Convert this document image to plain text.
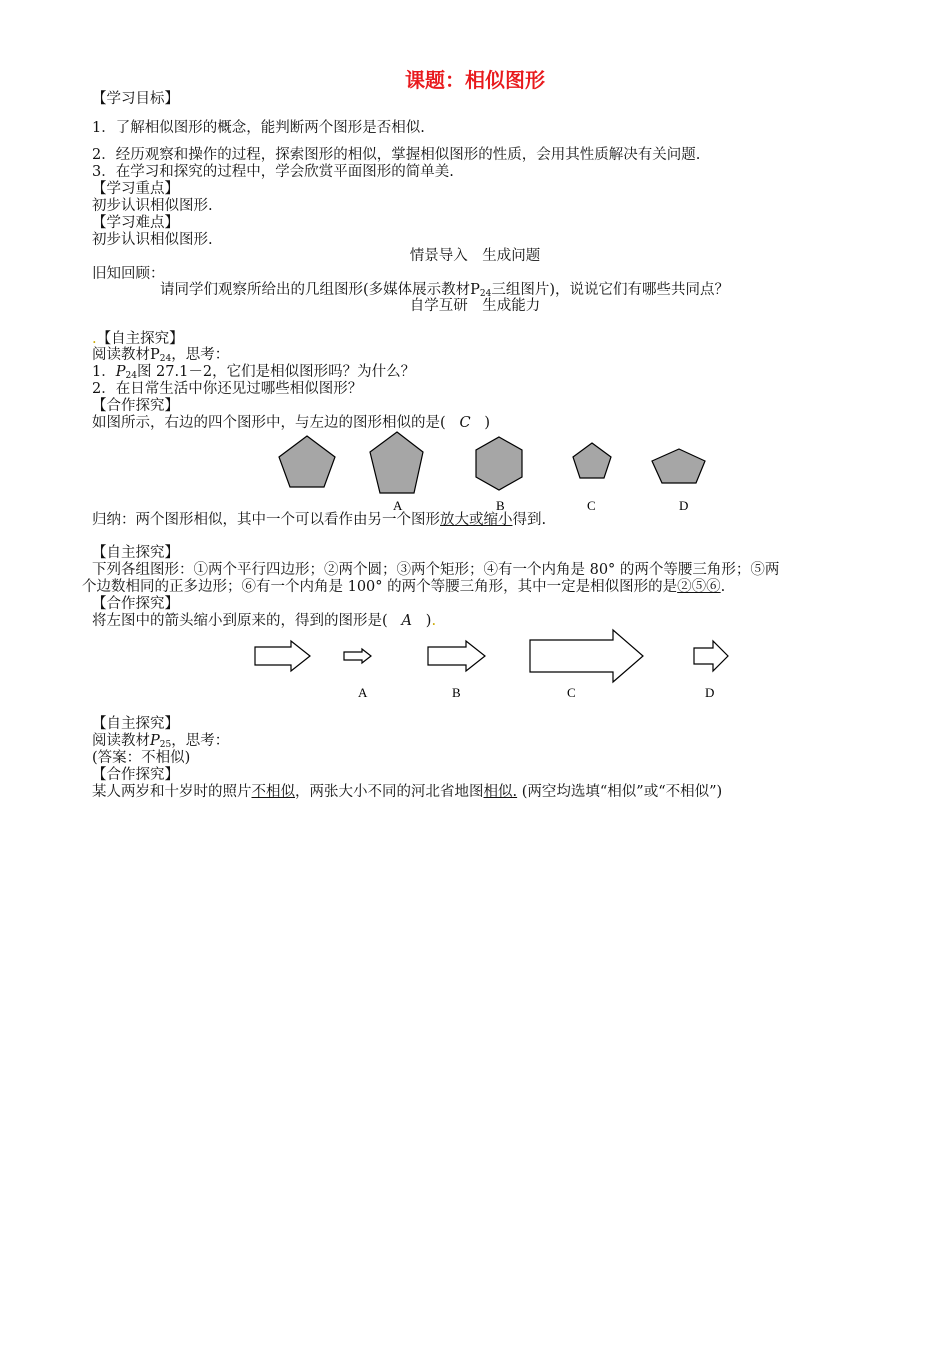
课题：相似图形
【学习目标】
1．了解相似图形的概念，能判断两个图形是否相似.
2．经历观察和操作的过程，探索图形的相似，掌握相似图形的性质，会用其性质解决有关问题.
3．在学习和探究的过程中，学会欣赏平面图形的简单美.
【学习重点】
初步认识相似图形.
【学习难点】
初步认识相似图形.
情景导入　生成问题
旧知回顾：
请同学们观察所给出的几组图形(多媒体展示教材$P_{24}$三组图片)，说说它们有哪些共同点？
自学互研　生成能力
.【自主探究】
阅读教材$P_{24}$，思考：
1．$P_{24}$图 27.1－2，它们是相似图形吗？为什么？
2．在日常生活中你还见过哪些相似图形？
【合作探究】
如图所示，右边的四个图形中，与左边的图形相似的是( C )
A	B	C	D
归纳：两个图形相似，其中一个可以看作由另一个图形放大或缩小得到.
【自主探究】
下列各组图形：①两个平行四边形；②两个圆；③两个矩形；④有一个内角是 80° 的两个等腰三角形；⑤两
个边数相同的正多边形；⑥有一个内角是 100° 的两个等腰三角形，其中一定是相似图形的是②⑤⑥.
【合作探究】
将左图中的箭头缩小到原来的，得到的图形是( A ).
A	B	C	D
【自主探究】
阅读教材$P_{25}$，思考：
(答案：不相似)
【合作探究】
某人两岁和十岁时的照片不相似，两张大小不同的河北省地图相似. (两空均选填“相似”或“不相似”)
